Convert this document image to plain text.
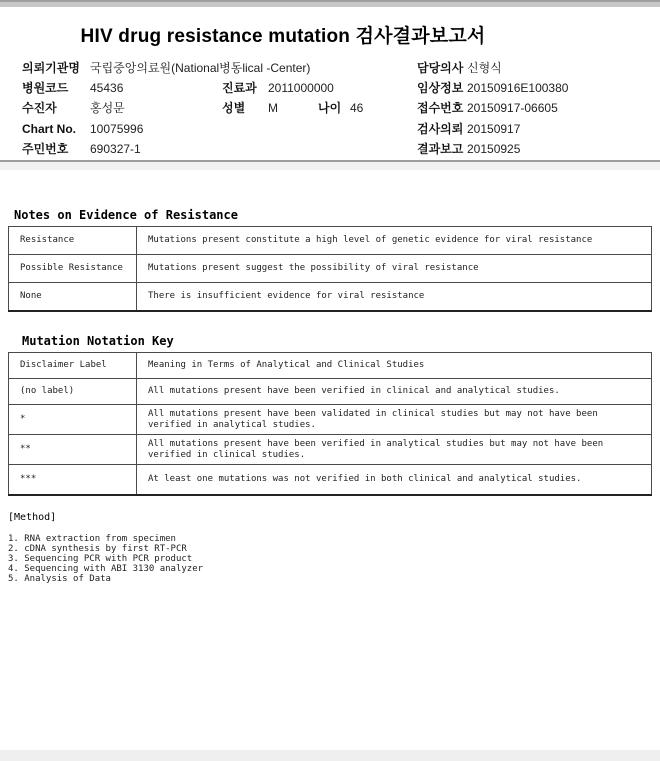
HIV drug resistance mutation 검사결과보고서
의뢰기관명 국립중앙의료원(National병동lical -Center)	담당의사 신형식
병원코드 45436	진료과 2011000000	임상정보 20150916E100380
수진자	홍성문	성별 M	나이 46	접수번호 20150917-06605
Chart No. 10075996	검사의뢰 20150917
주민번호 690327-1	결과보고 20150925
Notes on Evidence of Resistance
Resistance	Mutations present constitute a high level of genetic evidence for viral resistance
Possible Resistance	Mutations present suggest the possibility of viral resistance
None	There is insufficient evidence for viral resistance
Mutation Notation Key
Disclaimer Label	Meaning in Terms of Analytical and Clinical Studies
(no label)	All mutations present have been verified in clinical and analytical studies.
*	All mutations present have been validated in clinical studies but may not have been verified in analytical studies.
**	All mutations present have been verified in analytical studies but may not have been verified in clinical studies.
***	At least one mutations was not verified in both clinical and analytical studies.
[Method]
1. RNA extraction from specimen
2. cDNA synthesis by first RT-PCR
3. Sequencing PCR with PCR product
4. Sequencing with ABI 3130 analyzer
5. Analysis of Data
